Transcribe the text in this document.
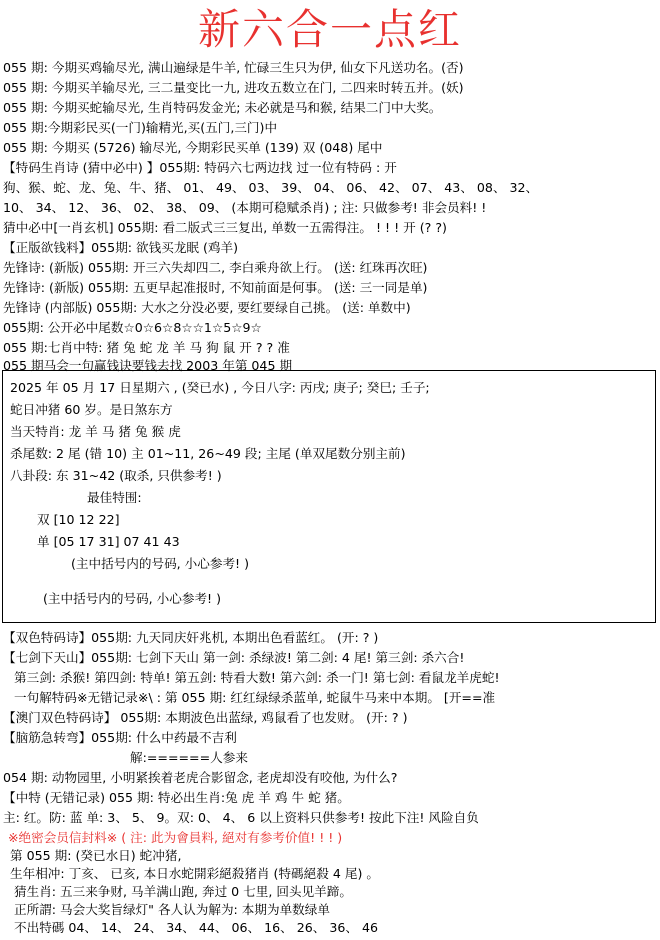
新六合一点红
055 期: 今期买鸡输尽光, 满山遍绿是牛羊, 忙碌三生只为伊, 仙女下凡送功名。(否)
055 期: 今期买羊输尽光, 三二量变比一九, 进攻五数立在门, 二四来时转五并。(妖)
055 期: 今期买蛇输尽光, 生肖特码发金光; 未必就是马和猴, 结果二门中大奖。
055 期:今期彩民买(一门)输精光,买(五门,三门)中
055 期: 今期买 (5726) 输尽光, 今期彩民买单 (139) 双 (048) 尾中
【特码生肖诗 (猜中必中) 】055期: 特码六七两边找 过一位有特码 : 开
狗、猴、蛇、龙、兔、牛、猪、 01、 49、 03、 39、 04、 06、 42、 07、 43、 08、 32、
10、 34、 12、 36、 02、 38、 09、 (本期可稳赋杀肖) ; 注: 只做参考! 非会员料! !
猜中必中[一肖玄机] 055期: 看二版式三三复出, 单数一五需得注。 ! ! ! 开 (? ?)
【正版欲钱料】055期: 欲钱买龙眠 (鸡羊)
先锋诗: (新版) 055期: 开三六失却四二, 李白乘舟欲上行。 (送: 红珠再次旺)
先锋诗: (新版) 055期: 五更早起准报时, 不知前面是何事。 (送: 三一同是单)
先锋诗 (内部版) 055期: 大水之分没必要, 要红要绿自己挑。 (送: 单数中)
055期: 公开必中尾数☆0☆6☆8☆☆1☆5☆9☆
055 期:七肖中特: 猪 兔 蛇 龙 羊 马 狗 鼠 开 ? ? 准
055 期马会一句赢钱诀要钱去找 2003 年第 045 期
2025 年 05 月 17 日星期六 , (癸已水) , 今日八字: 丙戌; 庚子; 癸巳; 壬子;
蛇日冲猪 60 岁。是日煞东方
当天特肖: 龙 羊 马 猪 兔 猴 虎
杀尾数: 2 尾 (错 10) 主 01~11, 26~49 段; 主尾 (单双尾数分别主前)
八卦段: 东 31~42 (取杀, 只供参考! )
最佳特围:
双 [10 12 22]
单 [05 17 31] 07 41 43
(主中括号内的号码, 小心参考! )
(主中括号内的号码, 小心参考! )
【双色特码诗】055期: 九天同庆奸兆机, 本期出色看蓝红。 (开: ? )
【七剑下天山】055期: 七剑下天山 第一剑: 杀绿波! 第二剑: 4 尾! 第三剑: 杀六合!
第三剑: 杀猴! 第四剑: 特单! 第五剑: 特看大数! 第六剑: 杀一门! 第七剑: 看鼠龙羊虎蛇!
一句解特码※无错记录※\ : 第 055 期: 红红绿绿杀蓝单, 蛇鼠牛马来中本期。 [开==准
【澳门双色特码诗】 055期: 本期波色出蓝绿, 鸡鼠看了也发财。 (开: ? )
【脑筋急转弯】055期: 什么中药最不吉利
解:======人参来
054 期: 动物园里, 小明紧挨着老虎合影留念, 老虎却没有咬他, 为什么?
【中特 (无错记录) 055 期: 特必出生肖:兔 虎 羊 鸡 牛 蛇 猪。
主: 红。防: 蓝 单: 3、 5、 9。双: 0、 4、 6 以上资料只供参考! 按此下注! 风险自负
※绝密会员信封料※ ( 注: 此为會員料, 絕对有参考价值! ! ! )
第 055 期: (癸已水日) 蛇冲猪,
生年相冲: 丁亥、 已亥, 本日水蛇開彩絕殺猪肖 (特碼絕殺 4 尾) 。
猜生肖: 五三来争财, 马羊满山跑, 奔过 0 七里, 回头见羊蹄。
正所謂: 马会大奖旨绿灯" 各人认为解为: 本期为单数绿单
不出特碼 04、 14、 24、 34、 44、 06、 16、 26、 36、 46
